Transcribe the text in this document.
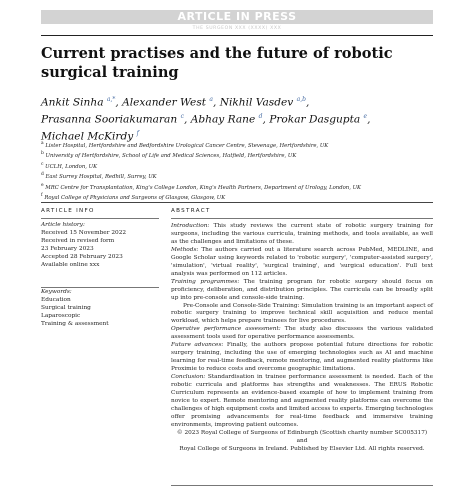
ARTICLE IN PRESS
THE SURGEON XXX (XXXX) XXX
Current practises and the future of robotic surgical training
Ankit Sinha $^{a,*}$, Alexander West $^a$, Nikhil Vasdev $^{a,b}$,
Prasanna Sooriakumaran $^c$, Abhay Rane $^d$, Prokar Dasgupta $^e$,
Michael McKirdy $^f$
$^a$ Lister Hospital, Hertfordshire and Bedfordshire Urological Cancer Centre, Stevenage, Hertfordshire, UK
$^b$ University of Hertfordshire, School of Life and Medical Sciences, Hatfield, Hertfordshire, UK
$^c$ UCLH, London, UK
$^d$ East Surrey Hospital, Redhill, Surrey, UK
$^e$ MRC Centre for Transplantation, King's College London, King's Health Partners, Department of Urology, London, UK
$^f$ Royal College of Physicians and Surgeons of Glasgow, Glasgow, UK
ARTICLE INFO	ABSTRACT
Article history:
Received 15 November 2022
Received in revised form
23 February 2023
Accepted 28 February 2023
Available online xxx
Keywords:
Education
Surgical training
Laparoscopic
Training & assessment

Introduction: This study reviews the current state of robotic surgery training for surgeons, including the various curricula, training methods, and tools available, as well as the challenges and limitations of these.

Methods: The authors carried out a literature search across PubMed, MEDLINE, and Google Scholar using keywords related to 'robotic surgery', 'computer-assisted surgery', 'simulation', 'virtual reality', 'surgical training', and 'surgical education'. Full text analysis was performed on 112 articles.

Training programmes: The training program for robotic surgery should focus on proficiency, deliberation, and distribution principles. The curricula can be broadly split up into pre-console and console-side training.

Pre-Console and Console-Side Training: Simulation training is an important aspect of robotic surgery training to improve technical skill acquisition and reduce mental workload, which helps prepare trainees for live procedures.

Operative performance assessment: The study also discusses the various validated assessment tools used for operative performance assessments.

Future advances: Finally, the authors propose potential future directions for robotic surgery training, including the use of emerging technologies such as AI and machine learning for real-time feedback, remote mentoring, and augmented reality platforms like Proximie to reduce costs and overcome geographic limitations.

Conclusion: Standardisation in trainee performance assessment is needed. Each of the robotic curricula and platforms has strengths and weaknesses. The ERUS Robotic Curriculum represents an evidence-based example of how to implement training from novice to expert. Remote mentoring and augmented reality platforms can overcome the challenges of high equipment costs and limited access to experts. Emerging technologies offer promising advancements for real-time feedback and immersive training environments, improving patient outcomes.

© 2023 Royal College of Surgeons of Edinburgh (Scottish charity number SC005317) and

Royal College of Surgeons in Ireland. Published by Elsevier Ltd. All rights reserved.
